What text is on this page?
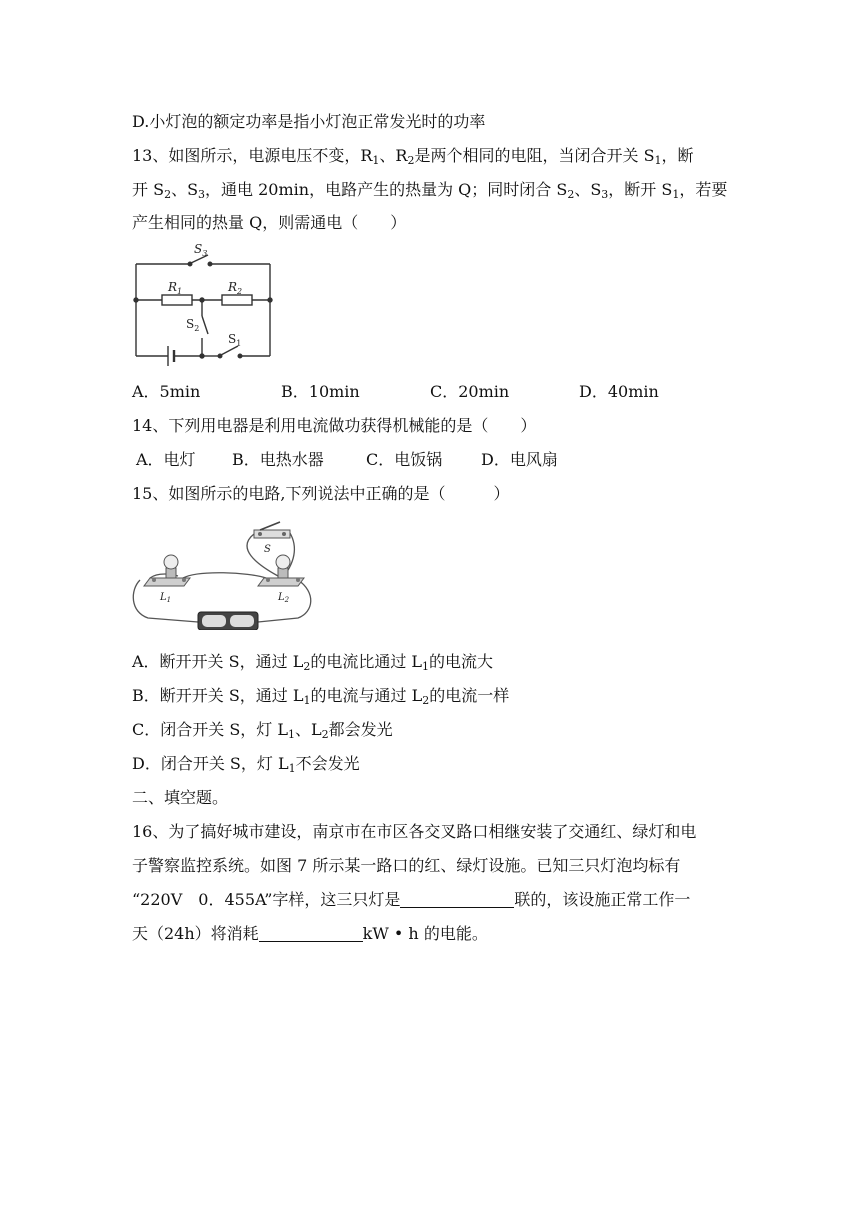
D.小灯泡的额定功率是指小灯泡正常发光时的功率
13、如图所示，电源电压不变，$R_1$、$R_2$是两个相同的电阻，当闭合开关 $S_1$，断
开 $S_2$、$S_3$，通电 20min，电路产生的热量为 Q；同时闭合 $S_2$、$S_3$，断开 $S_1$，若要
产生相同的热量 Q，则需通电（　　）
$S_3$
$R_1$	$R_2$
$S_2$
$S_1$
A．5min	B．10min	C．20min	D．40min
14、下列用电器是利用电流做功获得机械能的是（　　）
A．电灯 B．电热水器	C．电饭锅 D．电风扇
15、如图所示的电路,下列说法中正确的是（　　　）
S
$L_1$	$L_2$
A．断开开关 S，通过 $L_2$的电流比通过 $L_1$的电流大
B．断开开关 S，通过 $L_1$的电流与通过 $L_2$的电流一样
C．闭合开关 S，灯 $L_1$、$L_2$都会发光
D．闭合开关 S，灯 $L_1$不会发光
二、填空题。
16、为了搞好城市建设，南京市在市区各交叉路口相继安装了交通红、绿灯和电
子警察监控系统。如图 7 所示某一路口的红、绿灯设施。已知三只灯泡均标有
“220V　0．455A”字样，这三只灯是	联的，该设施正常工作一
天（24h）将消耗	kW • h 的电能。
